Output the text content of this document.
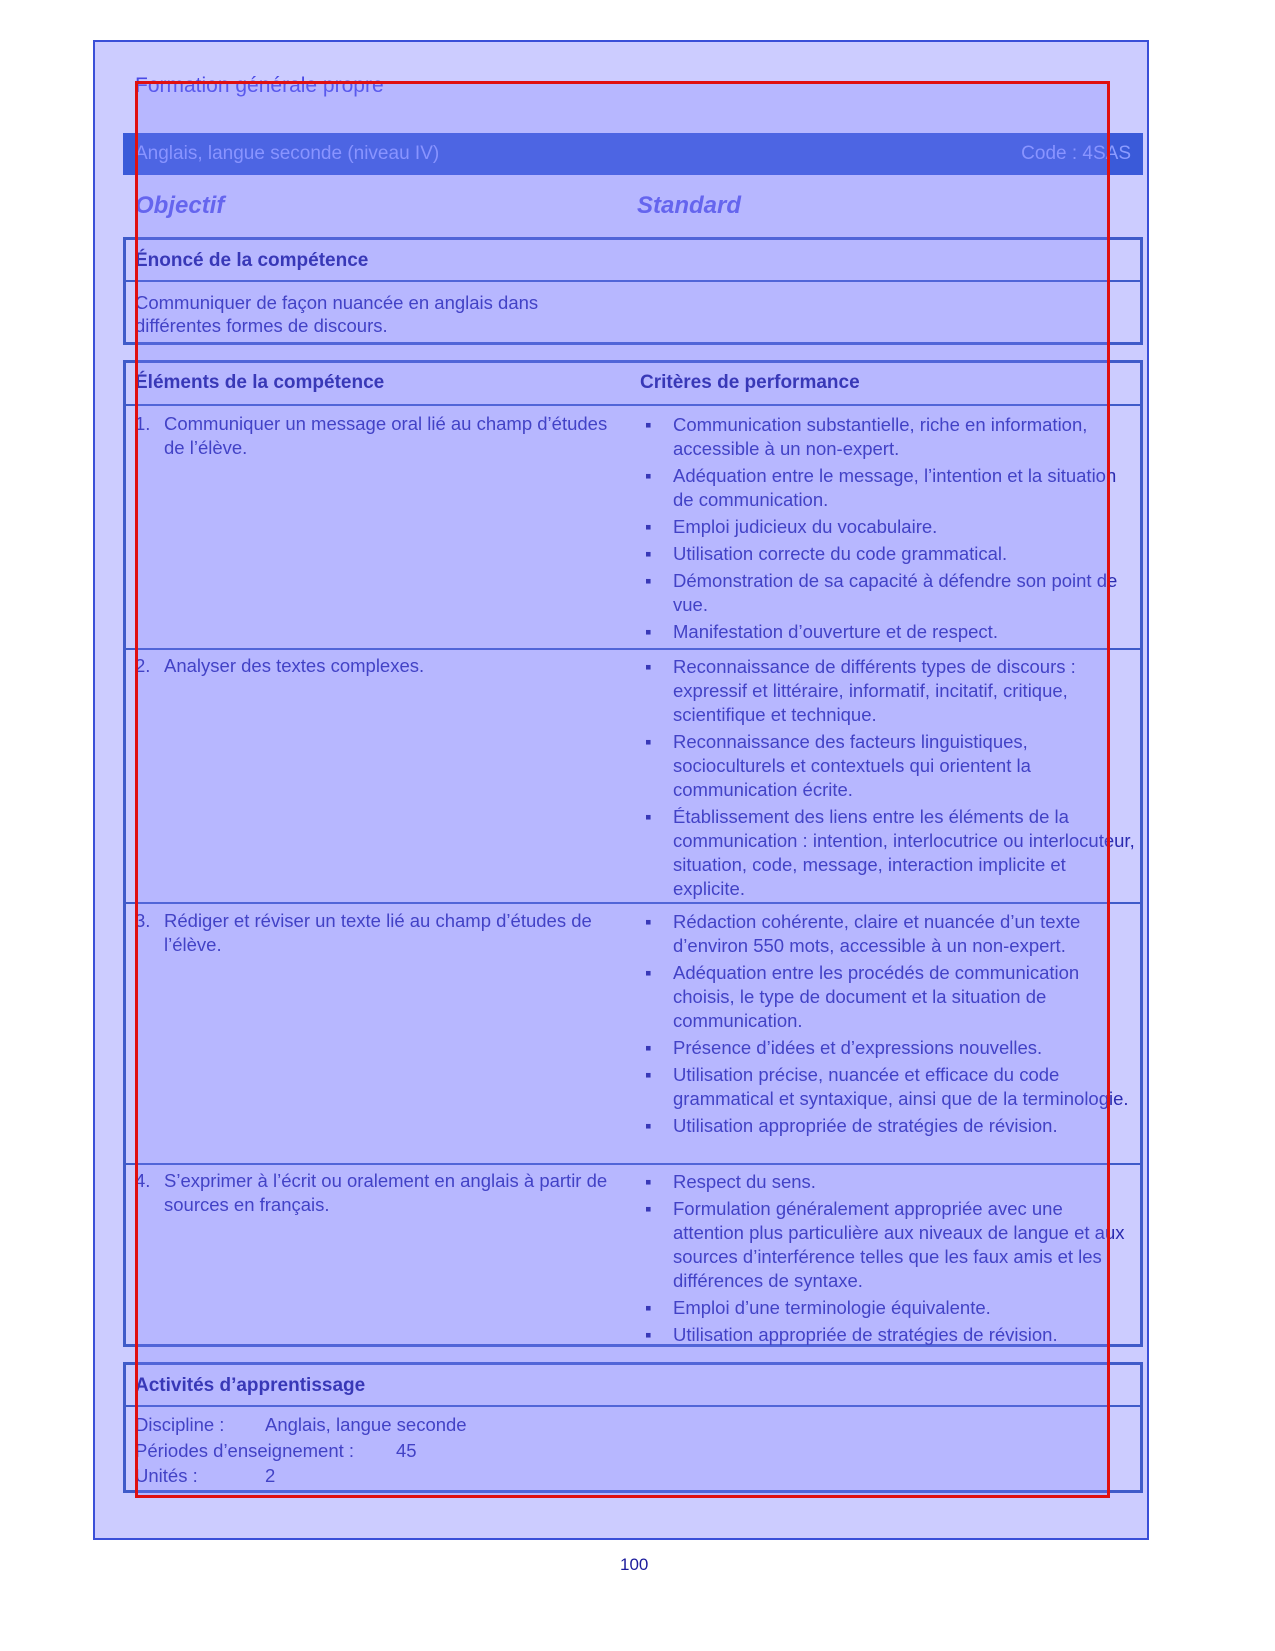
Formation générale propre
Anglais, langue seconde (niveau IV)	Code : 4SAS
Objectif	Standard
Énoncé de la compétence
Communiquer de façon nuancée en anglais dans
différentes formes de discours.
Éléments de la compétence	Critères de performance
1. Communiquer un message oral lié au champ d’études de l’élève.
▪ Communication substantielle, riche en information, accessible à un non-expert.
▪ Adéquation entre le message, l’intention et la situation de communication.
▪ Emploi judicieux du vocabulaire.
▪ Utilisation correcte du code grammatical.
▪ Démonstration de sa capacité à défendre son point de vue.
▪ Manifestation d’ouverture et de respect.
2. Analyser des textes complexes.
▪	Reconnaissance de différents types de discours : expressif et littéraire, informatif, incitatif, critique, scientifique et technique.
▪ Reconnaissance des facteurs linguistiques, socioculturels et contextuels qui orientent la communication écrite.
▪ Établissement des liens entre les éléments de la communication : intention, interlocutrice ou interlocuteur, situation, code, message, interaction implicite et explicite.
3. Rédiger et réviser un texte lié au champ d’études de l’élève.
▪ Rédaction cohérente, claire et nuancée d’un texte d’environ 550 mots, accessible à un non-expert.
▪ Adéquation entre les procédés de communication choisis, le type de document et la situation de communication.
▪ Présence d’idées et d’expressions nouvelles.
▪ Utilisation précise, nuancée et efficace du code grammatical et syntaxique, ainsi que de la terminologie.
▪ Utilisation appropriée de stratégies de révision.
4. S’exprimer à l’écrit ou oralement en anglais à partir de sources en français.
▪ Respect du sens.
▪ Formulation généralement appropriée avec une attention plus particulière aux niveaux de langue et aux sources d’interférence telles que les faux amis et les différences de syntaxe.
▪ Emploi d’une terminologie équivalente.
▪ Utilisation appropriée de stratégies de révision.
Activités d’apprentissage
Discipline : Anglais, langue seconde
Périodes d’enseignement : 45
Unités :	2
100
